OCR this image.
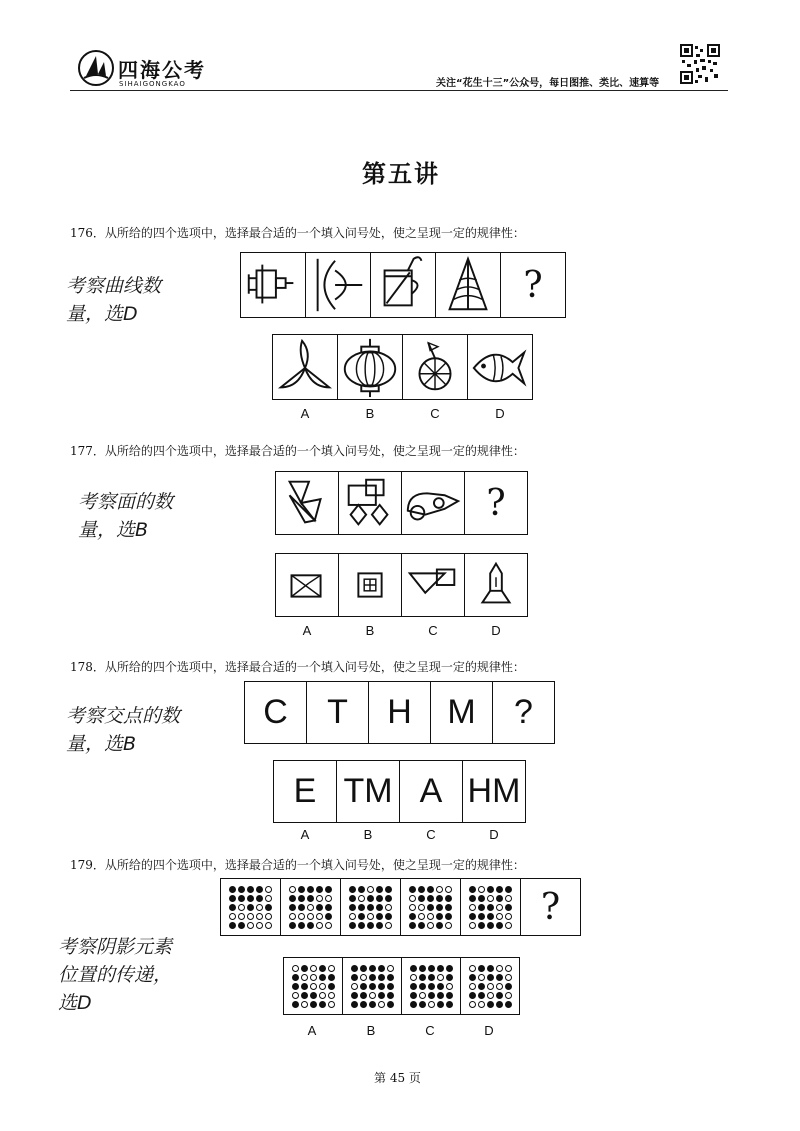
四海公考
SIHAIGONGKAO	关注“花生十三”公众号，每日图推、类比、速算等
第五讲
176．从所给的四个选项中，选择最合适的一个填入问号处，使之呈现一定的规律性：
考察曲线数
量，选D
?
A	B	C	D
177．从所给的四个选项中，选择最合适的一个填入问号处，使之呈现一定的规律性：
考察面的数
量，选B
?
A	B	C	D
178．从所给的四个选项中，选择最合适的一个填入问号处，使之呈现一定的规律性：
考察交点的数
量，选B
C T H M ?
E TM A HM
A	B	C	D
179．从所给的四个选项中，选择最合适的一个填入问号处，使之呈现一定的规律性：
考察阴影元素
位置的传递，
选D
?
A	B	C	D
第 45 页
